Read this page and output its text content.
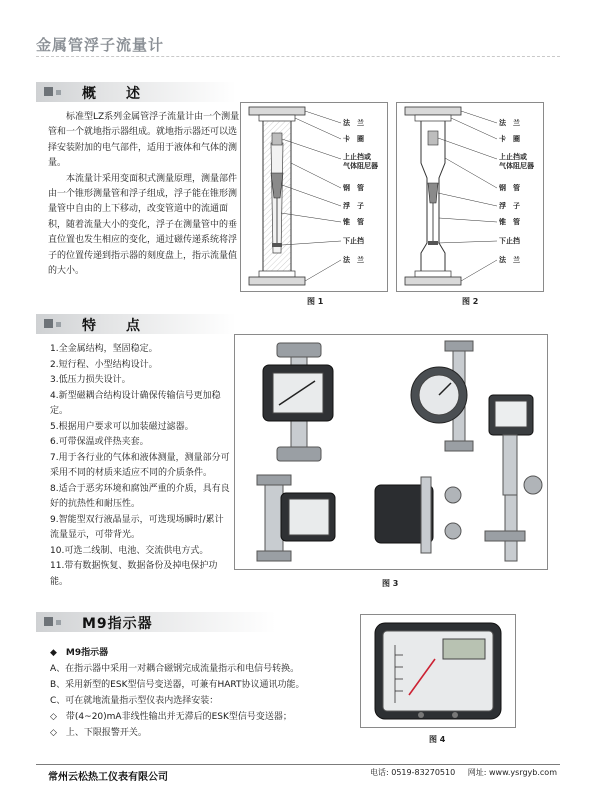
金属管浮子流量计
概　述

标准型LZ系列金属管浮子流量计由一个测量管和一个就地指示器组成。就地指示器还可以选择安装附加的电气部件，适用于液体和气体的测量。

本流量计采用变面积式测量原理，测量部件由一个锥形测量管和浮子组成，浮子能在锥形测量管中自由的上下移动，改变管道中的流通面积，随着流量大小的变化，浮子在测量管中的垂直位置也发生相应的变化，通过磁传递系统将浮子的位置传递到指示器的刻度盘上，指示流量值的大小。

法　兰
卡　圈
上止挡或
气体阻尼器
钢　管
浮　子
锥　管
下止挡
法　兰
图 1
法　兰
卡　圈
上止挡或
气体阻尼器
钢　管
浮　子
锥　管
下止挡
法　兰
图 2
特　点
1.全金属结构，坚固稳定。
2.短行程、小型结构设计。
3.低压力损失设计。
4.新型磁耦合结构设计确保传输信号更加稳定。
5.根据用户要求可以加装磁过滤器。
6.可带保温或伴热夹套。
7.用于各行业的气体和液体测量，测量部分可采用不同的材质来适应不同的介质条件。
8.适合于恶劣环境和腐蚀严重的介质，具有良好的抗热性和耐压性。
9.智能型双行液晶显示，可选现场瞬时/累计流量显示，可带背光。
10.可选二线制、电池、交流供电方式。
11.带有数据恢复、数据备份及掉电保护功能。	图 3
M9指示器
◆　M9指示器
A、在指示器中采用一对耦合磁钢完成流量指示和电信号转换。
B、采用新型的ESK型信号变送器，可兼有HART协议通讯功能。
C、可在就地流量指示型仪表内选择安装：
◇　带(4~20)mA非线性输出并无滞后的ESK型信号变送器；
◇　上、下限报警开关。
图 4
常州云松热工仪表有限公司	电话: 0519-83270510 网址: www.ysrgyb.com
